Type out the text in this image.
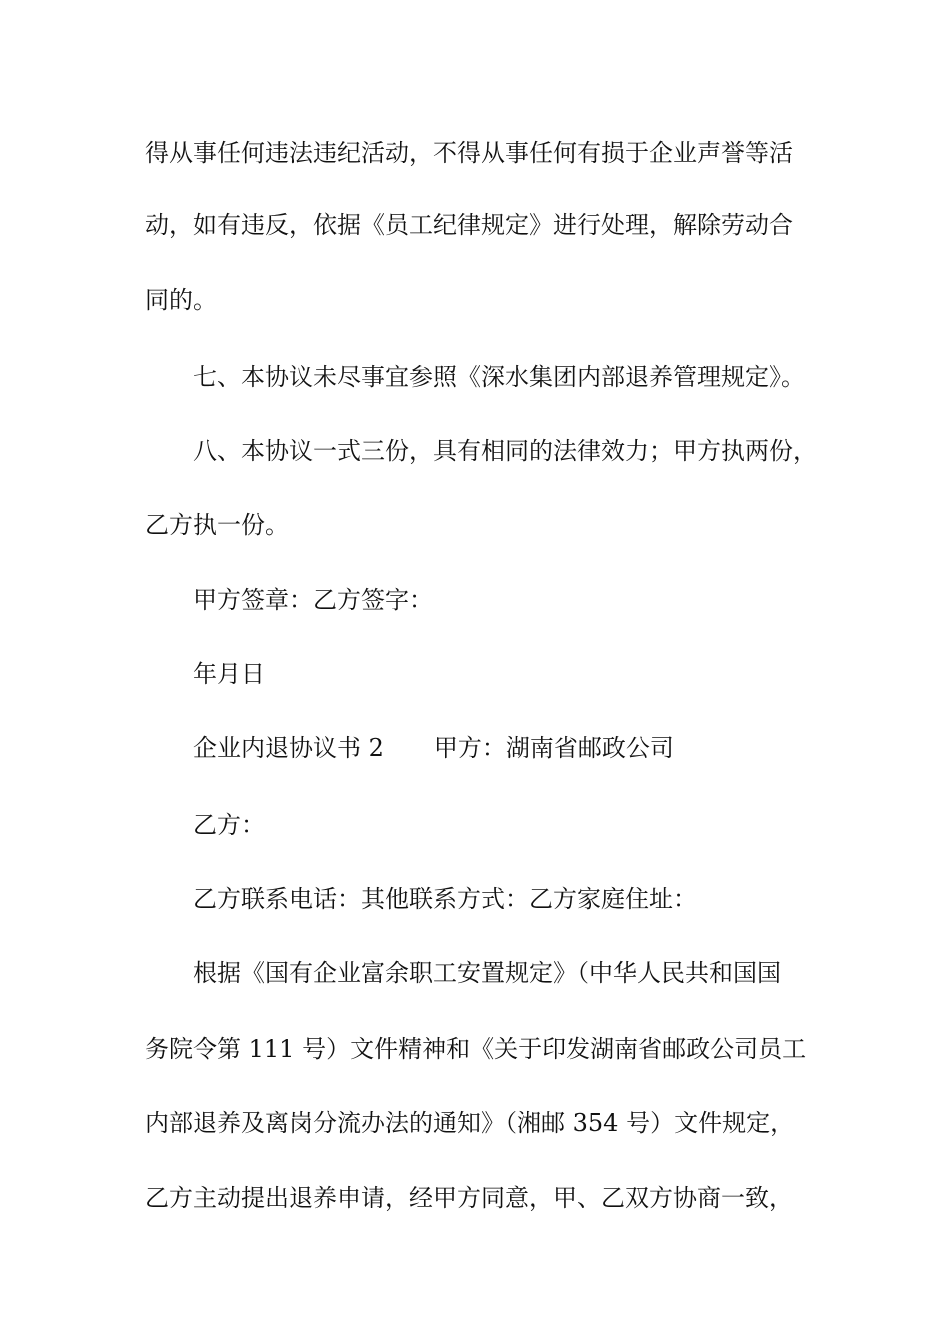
得从事任何违法违纪活动，不得从事任何有损于企业声誉等活
动，如有违反，依据《员工纪律规定》进行处理，解除劳动合
同的。
七、本协议未尽事宜参照《深水集团内部退养管理规定》。
八、本协议一式三份，具有相同的法律效力；甲方执两份，
乙方执一份。
甲方签章：乙方签字：
年月日
企业内退协议书 2 甲方：湖南省邮政公司
乙方：
乙方联系电话：其他联系方式：乙方家庭住址：
根据《国有企业富余职工安置规定》（中华人民共和国国
务院令第 111 号）文件精神和《关于印发湖南省邮政公司员工
内部退养及离岗分流办法的通知》（湘邮 354 号）文件规定，
乙方主动提出退养申请，经甲方同意，甲、乙双方协商一致，
